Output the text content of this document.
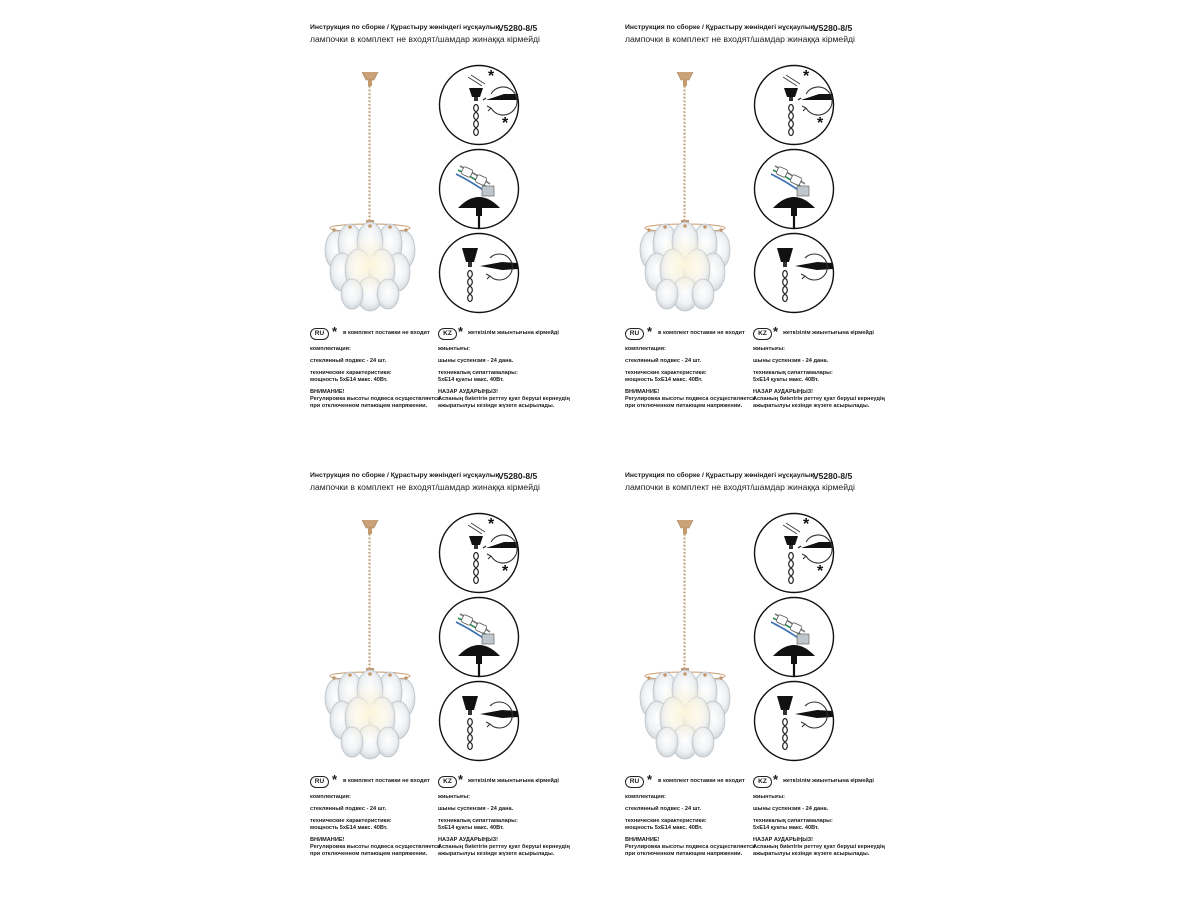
Инструкция по сборке / Құрастыру жөніндегі нұсқаулық
V5280-8/5
лампочки в комплект не входят/шамдар жинаққа кірмейді
*
*
RU * в комплект поставки не входит
комплектация:
стеклянный подвес - 24 шт.
технические характеристики:
мощность 5хЕ14 макс. 40Вт.
ВНИМАНИЕ!
Регулировка высоты подвеса осуществляется
при отключенном питающем напряжении.
KZ * жеткізілім жиынтығына кірмейді
жиынтығы:
шыны суспензия - 24 дана.
техникалық сипаттамалары:
5хЕ14 қуаты макс. 40Вт.
НАЗАР АУДАРЫҢЫЗ!
Аспаның биіктігін реттеу қуат беруші кернеудің
ажыратылуы кезінде жүзеге асырылады.
Инструкция по сборке / Құрастыру жөніндегі нұсқаулық
V5280-8/5
лампочки в комплект не входят/шамдар жинаққа кірмейді
*
*
RU * в комплект поставки не входит
комплектация:
стеклянный подвес - 24 шт.
технические характеристики:
мощность 5хЕ14 макс. 40Вт.
ВНИМАНИЕ!
Регулировка высоты подвеса осуществляется
при отключенном питающем напряжении.
KZ * жеткізілім жиынтығына кірмейді
жиынтығы:
шыны суспензия - 24 дана.
техникалық сипаттамалары:
5хЕ14 қуаты макс. 40Вт.
НАЗАР АУДАРЫҢЫЗ!
Аспаның биіктігін реттеу қуат беруші кернеудің
ажыратылуы кезінде жүзеге асырылады.
Инструкция по сборке / Құрастыру жөніндегі нұсқаулық
V5280-8/5
лампочки в комплект не входят/шамдар жинаққа кірмейді
*
*
RU * в комплект поставки не входит
комплектация:
стеклянный подвес - 24 шт.
технические характеристики:
мощность 5хЕ14 макс. 40Вт.
ВНИМАНИЕ!
Регулировка высоты подвеса осуществляется
при отключенном питающем напряжении.
KZ * жеткізілім жиынтығына кірмейді
жиынтығы:
шыны суспензия - 24 дана.
техникалық сипаттамалары:
5хЕ14 қуаты макс. 40Вт.
НАЗАР АУДАРЫҢЫЗ!
Аспаның биіктігін реттеу қуат беруші кернеудің
ажыратылуы кезінде жүзеге асырылады.
Инструкция по сборке / Құрастыру жөніндегі нұсқаулық
V5280-8/5
лампочки в комплект не входят/шамдар жинаққа кірмейді
*
*
RU * в комплект поставки не входит
комплектация:
стеклянный подвес - 24 шт.
технические характеристики:
мощность 5хЕ14 макс. 40Вт.
ВНИМАНИЕ!
Регулировка высоты подвеса осуществляется
при отключенном питающем напряжении.
KZ * жеткізілім жиынтығына кірмейді
жиынтығы:
шыны суспензия - 24 дана.
техникалық сипаттамалары:
5хЕ14 қуаты макс. 40Вт.
НАЗАР АУДАРЫҢЫЗ!
Аспаның биіктігін реттеу қуат беруші кернеудің
ажыратылуы кезінде жүзеге асырылады.
